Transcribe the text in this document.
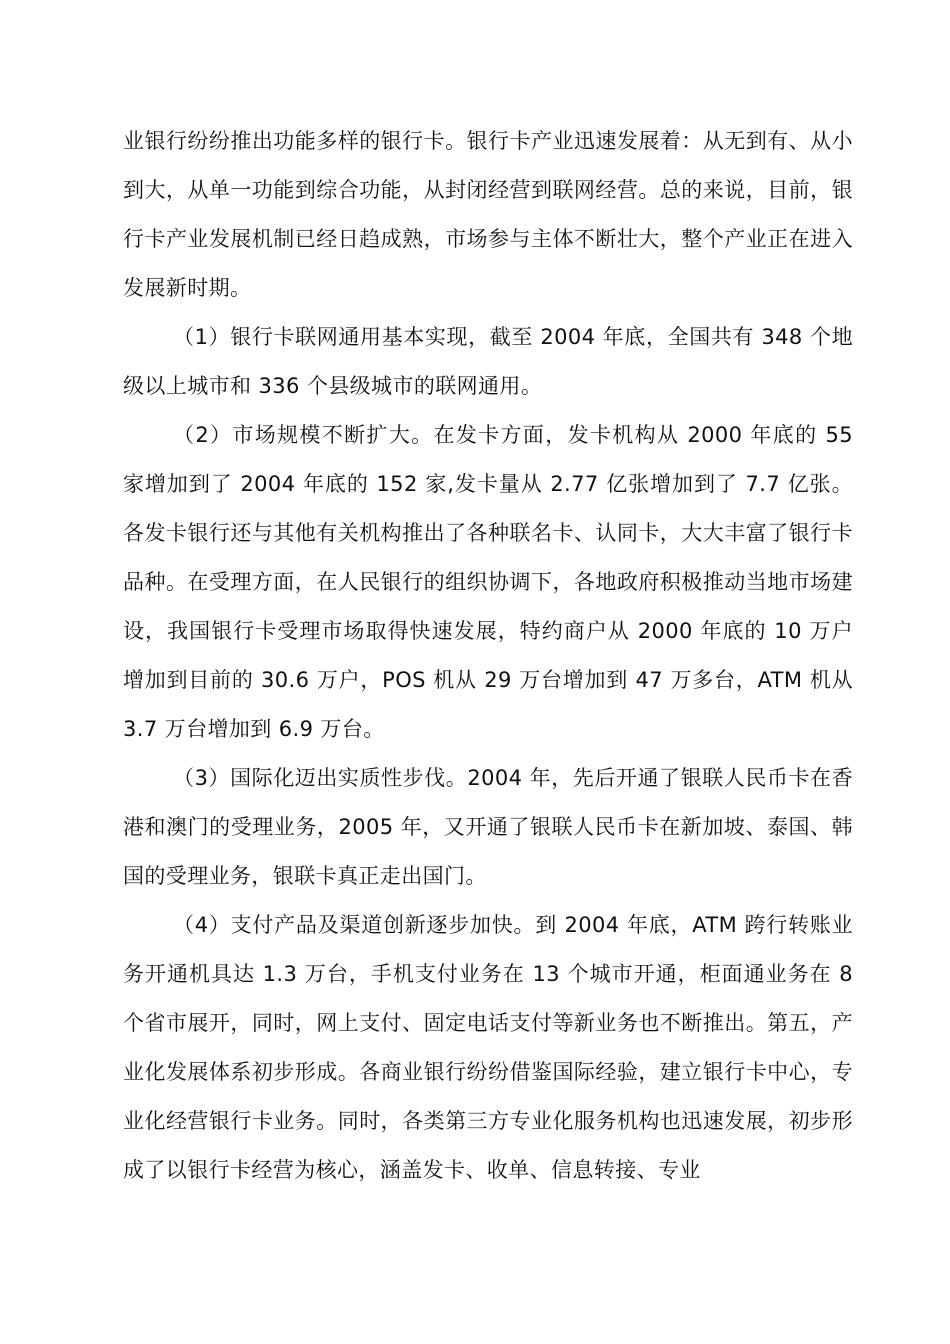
业银行纷纷推出功能多样的银行卡。银行卡产业迅速发展着：从无到有、从小到大，从单一功能到综合功能，从封闭经营到联网经营。总的来说，目前，银行卡产业发展机制已经日趋成熟，市场参与主体不断壮大，整个产业正在进入发展新时期。

（1）银行卡联网通用基本实现，截至 2004 年底，全国共有 348 个地级以上城市和 336 个县级城市的联网通用。

（2）市场规模不断扩大。在发卡方面，发卡机构从 2000 年底的 55 家增加到了 2004 年底的 152 家,发卡量从 2.77 亿张增加到了 7.7 亿张。各发卡银行还与其他有关机构推出了各种联名卡、认同卡，大大丰富了银行卡品种。在受理方面，在人民银行的组织协调下，各地政府积极推动当地市场建设，我国银行卡受理市场取得快速发展，特约商户从 2000 年底的 10 万户增加到目前的 30.6 万户，POS 机从 29 万台增加到 47 万多台，ATM 机从 3.7 万台增加到 6.9 万台。

（3）国际化迈出实质性步伐。2004 年，先后开通了银联人民币卡在香港和澳门的受理业务，2005 年，又开通了银联人民币卡在新加坡、泰国、韩国的受理业务，银联卡真正走出国门。

（4）支付产品及渠道创新逐步加快。到 2004 年底，ATM 跨行转账业务开通机具达 1.3 万台，手机支付业务在 13 个城市开通，柜面通业务在 8 个省市展开，同时，网上支付、固定电话支付等新业务也不断推出。第五，产业化发展体系初步形成。各商业银行纷纷借鉴国际经验，建立银行卡中心，专业化经营银行卡业务。同时，各类第三方专业化服务机构也迅速发展，初步形成了以银行卡经营为核心，涵盖发卡、收单、信息转接、专业
